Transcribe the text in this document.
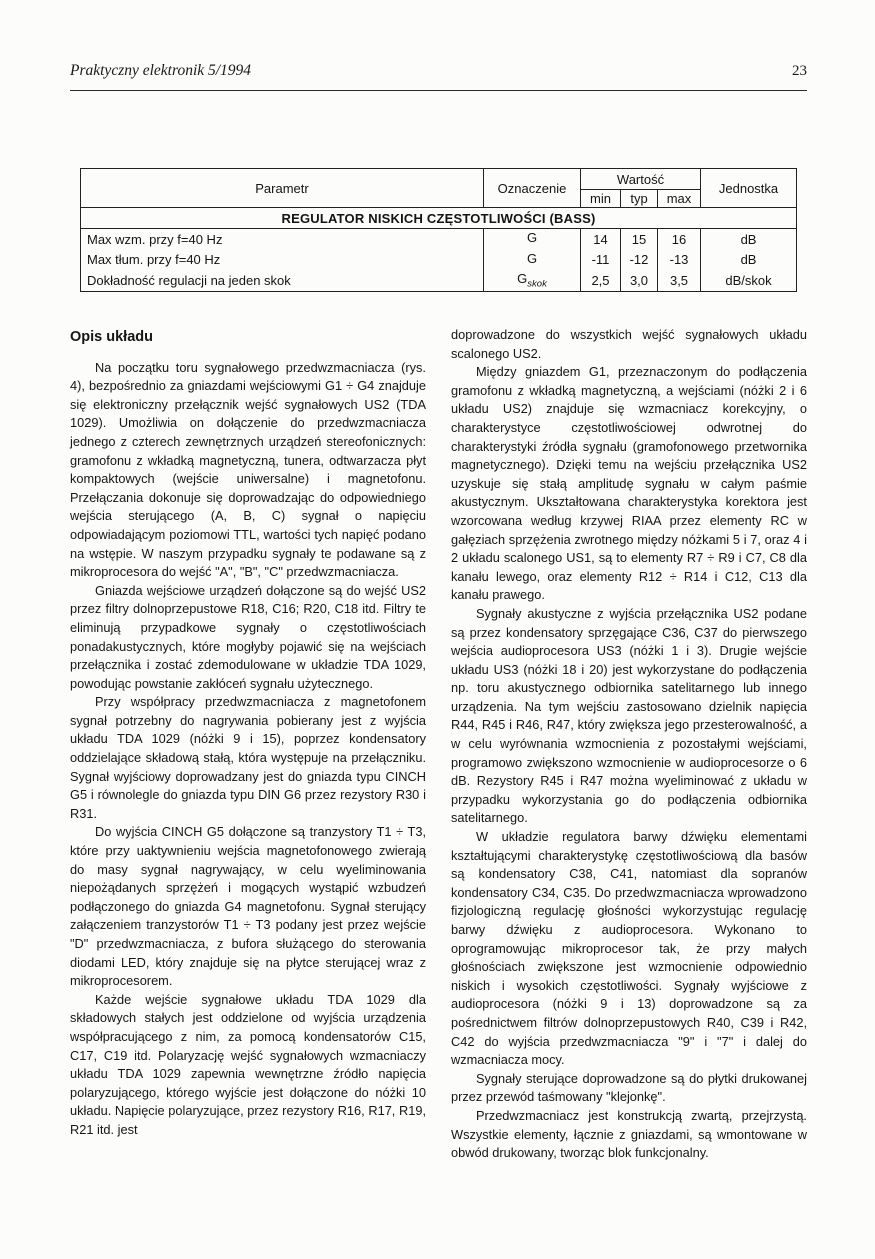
Praktyczny elektronik 5/1994	23
Parametr	Oznaczenie	Wartość			Jednostka
		min	typ	max	
REGULATOR NISKICH CZĘSTOTLIWOŚCI (BASS)					
Max wzm. przy f=40 Hz	G	14	15	16	dB
Max tłum. przy f=40 Hz	G	-11	-12	-13	dB
Dokładność regulacji na jeden skok	$G_{skok}$	2,5	3,0	3,5	dB/skok
Opis układu

Na początku toru sygnałowego przedwzmacniacza (rys. 4), bezpośrednio za gniazdami wejściowymi G1 ÷ G4 znajduje się elektroniczny przełącznik wejść sygnałowych US2 (TDA 1029). Umożliwia on dołączenie do przedwzmacniacza jednego z czterech zewnętrznych urządzeń stereofonicznych: gramofonu z wkładką magnetyczną, tunera, odtwarzacza płyt kompaktowych (wejście uniwersalne) i magnetofonu. Przełączania dokonuje się doprowadzając do odpowiedniego wejścia sterującego (A, B, C) sygnał o napięciu odpowiadającym poziomowi TTL, wartości tych napięć podano na wstępie. W naszym przypadku sygnały te podawane są z mikroprocesora do wejść "A", "B", "C" przedwzmacniacza.

Gniazda wejściowe urządzeń dołączone są do wejść US2 przez filtry dolnoprzepustowe R18, C16; R20, C18 itd. Filtry te eliminują przypadkowe sygnały o częstotliwościach ponadakustycznych, które mogłyby pojawić się na wejściach przełącznika i zostać zdemodulowane w układzie TDA 1029, powodując powstanie zakłóceń sygnału użytecznego.

Przy współpracy przedwzmacniacza z magnetofonem sygnał potrzebny do nagrywania pobierany jest z wyjścia układu TDA 1029 (nóżki 9 i 15), poprzez kondensatory oddzielające składową stałą, która występuje na przełączniku. Sygnał wyjściowy doprowadzany jest do gniazda typu CINCH G5 i równolegle do gniazda typu DIN G6 przez rezystory R30 i R31.

Do wyjścia CINCH G5 dołączone są tranzystory T1 ÷ T3, które przy uaktywnieniu wejścia magnetofonowego zwierają do masy sygnał nagrywający, w celu wyeliminowania niepożądanych sprzężeń i mogących wystąpić wzbudzeń podłączonego do gniazda G4 magnetofonu. Sygnał sterujący załączeniem tranzystorów T1 ÷ T3 podany jest przez wejście "D" przedwzmacniacza, z bufora służącego do sterowania diodami LED, który znajduje się na płytce sterującej wraz z mikroprocesorem.

Każde wejście sygnałowe układu TDA 1029 dla składowych stałych jest oddzielone od wyjścia urządzenia współpracującego z nim, za pomocą kondensatorów C15, C17, C19 itd. Polaryzację wejść sygnałowych wzmacniaczy układu TDA 1029 zapewnia wewnętrzne źródło napięcia polaryzującego, którego wyjście jest dołączone do nóżki 10 układu. Napięcie polaryzujące, przez rezystory R16, R17, R19, R21 itd. jest

doprowadzone do wszystkich wejść sygnałowych układu scalonego US2.

Między gniazdem G1, przeznaczonym do podłączenia gramofonu z wkładką magnetyczną, a wejściami (nóżki 2 i 6 układu US2) znajduje się wzmacniacz korekcyjny, o charakterystyce częstotliwościowej odwrotnej do charakterystyki źródła sygnału (gramofonowego przetwornika magnetycznego). Dzięki temu na wejściu przełącznika US2 uzyskuje się stałą amplitudę sygnału w całym paśmie akustycznym. Ukształtowana charakterystyka korektora jest wzorcowana według krzywej RIAA przez elementy RC w gałęziach sprzężenia zwrotnego między nóżkami 5 i 7, oraz 4 i 2 układu scalonego US1, są to elementy R7 ÷ R9 i C7, C8 dla kanału lewego, oraz elementy R12 ÷ R14 i C12, C13 dla kanału prawego.

Sygnały akustyczne z wyjścia przełącznika US2 podane są przez kondensatory sprzęgające C36, C37 do pierwszego wejścia audioprocesora US3 (nóżki 1 i 3). Drugie wejście układu US3 (nóżki 18 i 20) jest wykorzystane do podłączenia np. toru akustycznego odbiornika satelitarnego lub innego urządzenia. Na tym wejściu zastosowano dzielnik napięcia R44, R45 i R46, R47, który zwiększa jego przesterowalność, a w celu wyrównania wzmocnienia z pozostałymi wejściami, programowo zwiększono wzmocnienie w audioprocesorze o 6 dB. Rezystory R45 i R47 można wyeliminować z układu w przypadku wykorzystania go do podłączenia odbiornika satelitarnego.

W układzie regulatora barwy dźwięku elementami kształtującymi charakterystykę częstotliwościową dla basów są kondensatory C38, C41, natomiast dla sopranów kondensatory C34, C35. Do przedwzmacniacza wprowadzono fizjologiczną regulację głośności wykorzystując regulację barwy dźwięku z audioprocesora. Wykonano to oprogramowując mikroprocesor tak, że przy małych głośnościach zwiększone jest wzmocnienie odpowiednio niskich i wysokich częstotliwości. Sygnały wyjściowe z audioprocesora (nóżki 9 i 13) doprowadzone są za pośrednictwem filtrów dolnoprzepustowych R40, C39 i R42, C42 do wyjścia przedwzmacniacza "9" i "7" i dalej do wzmacniacza mocy.

Sygnały sterujące doprowadzone są do płytki drukowanej przez przewód taśmowany "klejonkę".

Przedwzmacniacz jest konstrukcją zwartą, przejrzystą. Wszystkie elementy, łącznie z gniazdami, są wmontowane w obwód drukowany, tworząc blok funkcjonalny.
